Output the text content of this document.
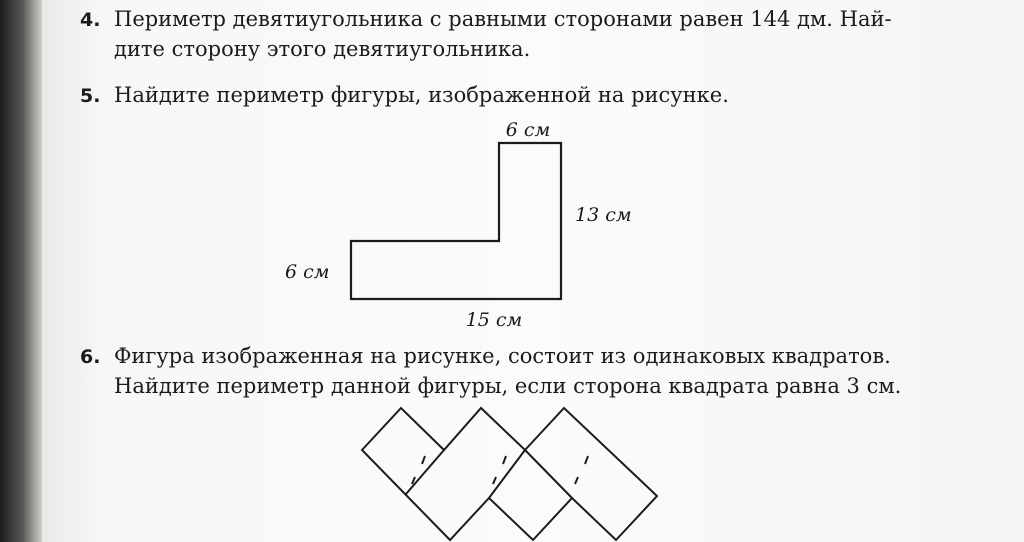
4. Периметр девятиугольника с равными сторонами равен 144 дм. Най-
дите сторону этого девятиугольника.
5. Найдите периметр фигуры, изображенной на рисунке.
6 см
13 см
6 см
15 см
6. Фигура изображенная на рисунке, состоит из одинаковых квадратов.
Найдите периметр данной фигуры, если сторона квадрата равна 3 см.
